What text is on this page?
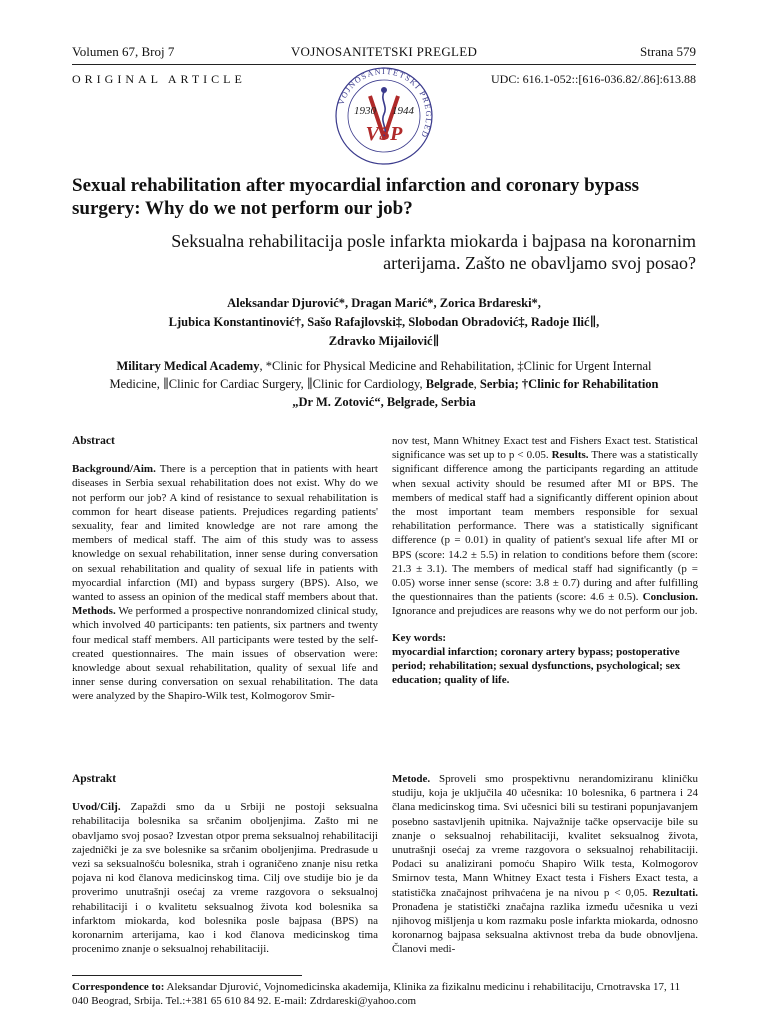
Volumen 67, Broj 7	VOJNOSANITETSKI PREGLED	Strana 579
ORIGINAL ARTICLE	UDC: 616.1-052::[616-036.82/.86]:613.88
VOJNOSANITETSKI PREGLED
1930 1944
VSP
Sexual rehabilitation after myocardial infarction and coronary bypass surgery: Why do we not perform our job?
Seksualna rehabilitacija posle infarkta miokarda i bajpasa na koronarnim arterijama. Zašto ne obavljamo svoj posao?
Aleksandar Djurović*, Dragan Marić*, Zorica Brdareski*,
Ljubica Konstantinović†, Sašo Rafajlovski‡, Slobodan Obradović‡, Radoje Ilić∥,
Zdravko Mijailović∥
Military Medical Academy, *Clinic for Physical Medicine and Rehabilitation, ‡Clinic for Urgent Internal Medicine, ∥Clinic for Cardiac Surgery, ∥Clinic for Cardiology, Belgrade, Serbia; †Clinic for Rehabilitation „Dr M. Zotović“, Belgrade, Serbia
Abstract
Background/Aim. There is a perception that in patients with heart diseases in Serbia sexual rehabilitation does not exist. Why do we not perform our job? A kind of resistance to sexual rehabilitation is common for heart disease patients. Prejudices regarding patients' sexuality, fear and limited knowledge are not rare among the members of medical staff. The aim of this study was to assess knowledge on sexual rehabilitation, inner sense during conversation on sexual rehabilitation and quality of sexual life in patients with myocardial infarction (MI) and bypass surgery (BPS). Also, we wanted to assess an opinion of the medical staff members about that. Methods. We performed a prospective nonrandomized clinical study, which involved 40 participants: ten patients, six partners and twenty four medical staff members. All participants were tested by the self-created questionnaires. The main issues of observation were: knowledge about sexual rehabilitation, quality of sexual life and inner sense during conversation on sexual rehabilitation. The data were analyzed by the Shapiro-Wilk test, Kolmogorov Smir-
nov test, Mann Whitney Exact test and Fishers Exact test. Statistical significance was set up to p < 0.05. Results. There was a statistically significant difference among the participants regarding an attitude when sexual activity should be resumed after MI or BPS. The members of medical staff had a significantly different opinion about the most important team members responsible for sexual rehabilitation performance. There was a statistically significant difference (p = 0.01) in quality of patient's sexual life after MI or BPS (score: 14.2 ± 5.5) in relation to conditions before them (score: 21.3 ± 3.1). The members of medical staff had significantly (p = 0.05) worse inner sense (score: 3.8 ± 0.7) during and after fulfilling the questionnaires than the patients (score: 4.6 ± 0.5). Conclusion. Ignorance and prejudices are reasons why we do not perform our job.
Key words:
myocardial infarction; coronary artery bypass; postoperative period; rehabilitation; sexual dysfunctions, psychological; sex education; quality of life.
Apstrakt
Uvod/Cilj. Zapaždi smo da u Srbiji ne postoji seksualna rehabilitacija bolesnika sa srčanim oboljenjima. Zašto mi ne obavljamo svoj posao? Izvestan otpor prema seksualnoj rehabilitaciji zajednički je za sve bolesnike sa srčanim oboljenjima. Predrasude u vezi sa seksualnošću bolesnika, strah i ograničeno znanje nisu retka pojava ni kod članova medicinskog tima. Cilj ove studije bio je da proverimo unutrašnji osećaj za vreme razgovora o seksualnoj rehabilitaciji i o kvalitetu seksualnog života kod bolesnika sa infarktom miokarda, kod bolesnika posle bajpasa (BPS) na koronarnim arterijama, kao i kod članova medicinskog tima procenimo znanje o seksualnoj rehabilitaciji.
Metode. Sproveli smo prospektivnu nerandomiziranu kliničku studiju, koja je uključila 40 učesnika: 10 bolesnika, 6 partnera i 24 člana medicinskog tima. Svi učesnici bili su testirani popunjavanjem posebno sastavljenih upitnika. Najvažnije tačke opservacije bile su znanje o seksualnoj rehabilitaciji, kvalitet seksualnog života, unutrašnji osećaj za vreme razgovora o seksualnoj rehabilitaciji. Podaci su analizirani pomoću Shapiro Wilk testa, Kolmogorov Smirnov testa, Mann Whitney Exact testa i Fishers Exact testa, a statistička značajnost prihvaćena je na nivou p < 0,05. Rezultati. Pronađena je statistički značajna razlika između učesnika u vezi njihovog mišljenja u kom razmaku posle infarkta miokarda, odnosno koronarnog bajpasa seksualna aktivnost treba da bude obnovljena. Članovi medi-
Correspondence to: Aleksandar Djurović, Vojnomedicinska akademija, Klinika za fizikalnu medicinu i rehabilitaciju, Crnotravska 17, 11 040 Beograd, Srbija. Tel.:+381 65 610 84 92. E-mail: Zdrdareski@yahoo.com
